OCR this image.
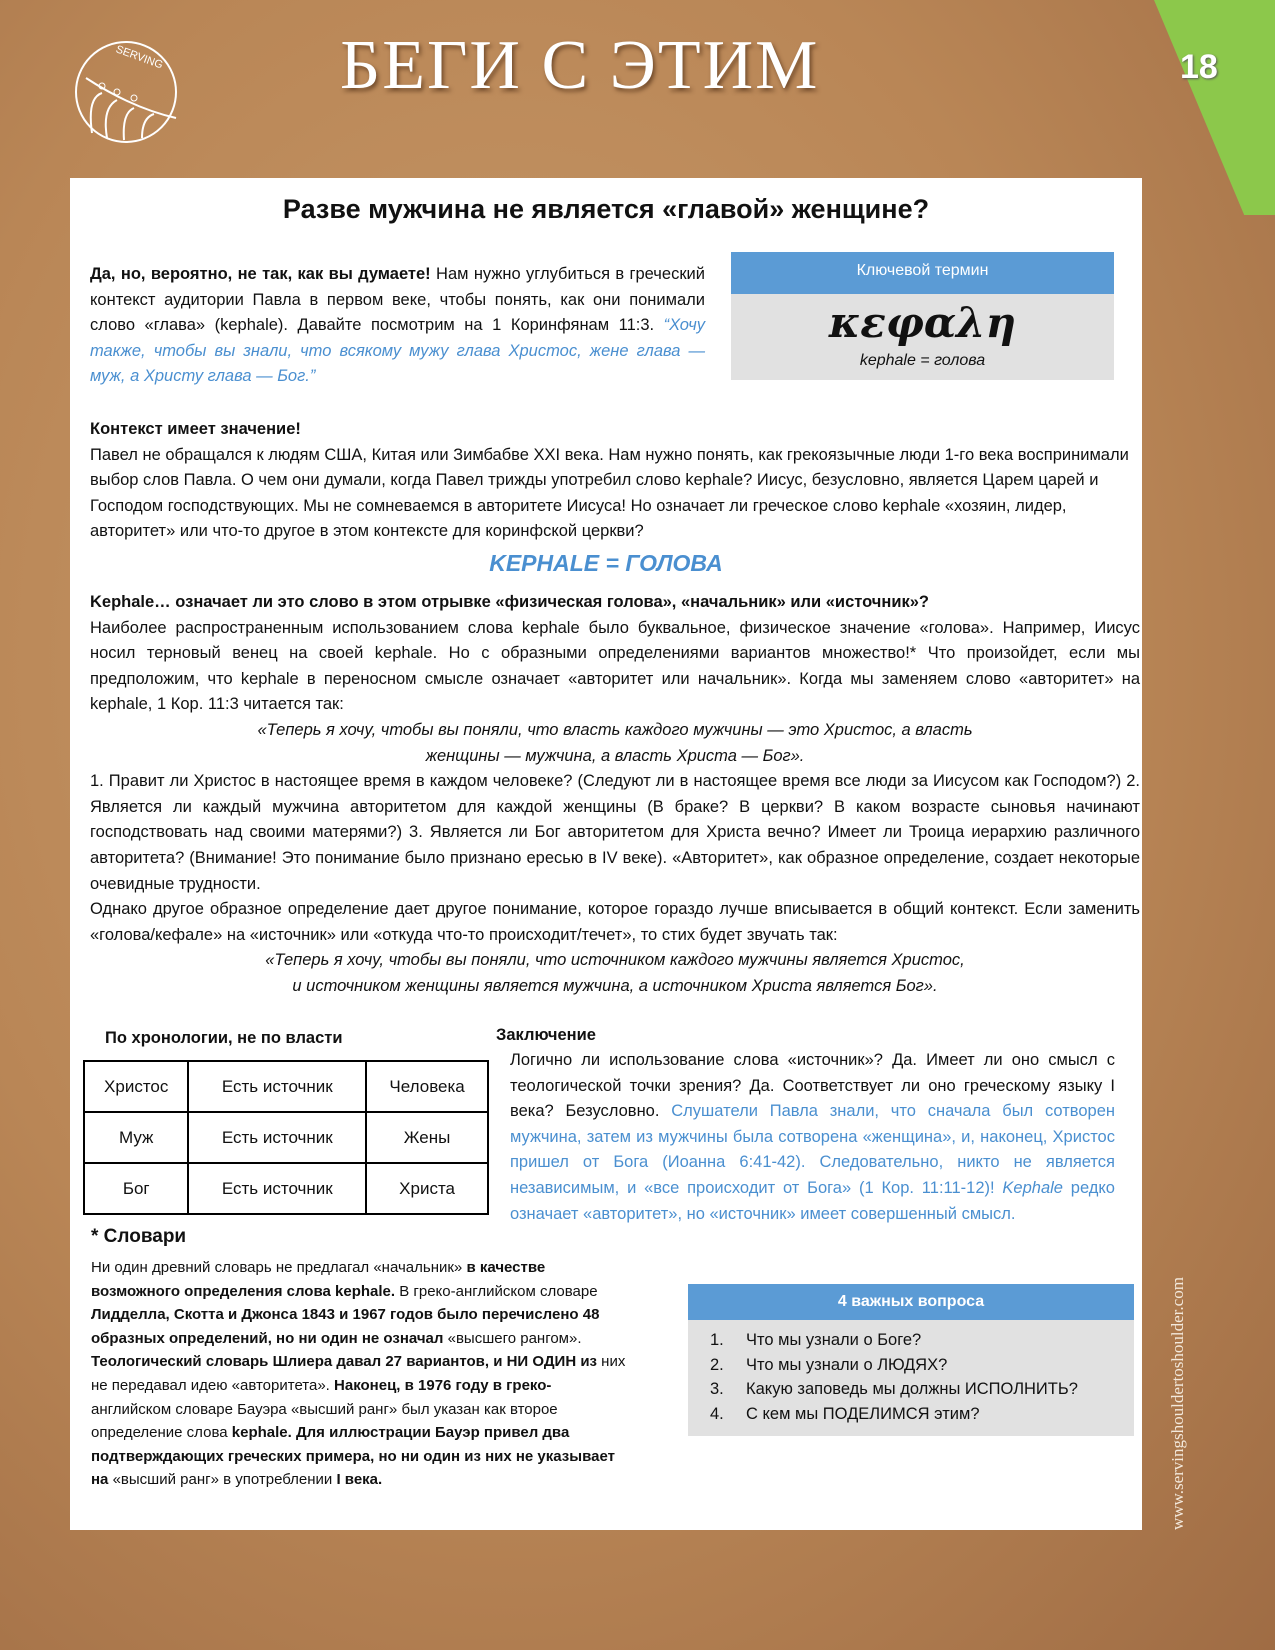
18
SERVING	БЕГИ С ЭТИМ
www.servingshouldertoshoulder.com
Разве мужчина не является «главой» женщине?
Да, но, вероятно, не так, как вы думаете! Нам нужно углубиться в греческий контекст аудитории Павла в первом веке, чтобы понять, как они понимали слово «глава» (kephale). Давайте посмотрим на 1 Коринфянам 11:3. “Хочу также, чтобы вы знали, что всякому мужу глава Христос, жене глава — муж, а Христу глава — Бог.”
Ключевой термин
κεφαλη
kephale = голова
Контекст имеет значение!
Павел не обращался к людям США, Китая или Зимбабве XXI века. Нам нужно понять, как грекоязычные люди 1-го века воспринимали выбор слов Павла. О чем они думали, когда Павел трижды употребил слово kephale? Иисус, безусловно, является Царем царей и Господом господствующих. Мы не сомневаемся в авторитете Иисуса! Но означает ли греческое слово kephale «хозяин, лидер, авторитет» или что-то другое в этом контексте для коринфской церкви?
KEPHALE = ГОЛОВА
Kephale… означает ли это слово в этом отрывке «физическая голова», «начальник» или «источник»?
Наиболее распространенным использованием слова kephale было буквальное, физическое значение «голова». Например, Иисус носил терновый венец на своей kephale. Но с образными определениями вариантов множество!* Что произойдет, если мы предположим, что kephale в переносном смысле означает «авторитет или начальник». Когда мы заменяем слово «авторитет» на kephale, 1 Кор. 11:3 читается так:
«Теперь я хочу, чтобы вы поняли, что власть каждого мужчины — это Христос, а власть
женщины — мужчина, а власть Христа — Бог».
1. Правит ли Христос в настоящее время в каждом человеке? (Следуют ли в настоящее время все люди за Иисусом как Господом?) 2. Является ли каждый мужчина авторитетом для каждой женщины (В браке? В церкви? В каком возрасте сыновья начинают господствовать над своими матерями?) 3. Является ли Бог авторитетом для Христа вечно? Имеет ли Троица иерархию различного авторитета? (Внимание! Это понимание было признано ересью в IV веке). «Авторитет», как образное определение, создает некоторые очевидные трудности.
Однако другое образное определение дает другое понимание, которое гораздо лучше вписывается в общий контекст. Если заменить «голова/кефале» на «источник» или «откуда что-то происходит/течет», то стих будет звучать так:
«Теперь я хочу, чтобы вы поняли, что источником каждого мужчины является Христос,
и источником женщины является мужчина, а источником Христа является Бог».
По хронологии, не по власти
Христос	Есть источник	Человека
Муж	Есть источник	Жены
Бог	Есть источник	Христа
Заключение
Логично ли использование слова «источник»? Да. Имеет ли оно смысл с теологической точки зрения? Да. Соответствует ли оно греческому языку I века? Безусловно. Слушатели Павла знали, что сначала был сотворен мужчина, затем из мужчины была сотворена «женщина», и, наконец, Христос пришел от Бога (Иоанна 6:41-42). Следовательно, никто не является независимым, и «все происходит от Бога» (1 Кор. 11:11-12)! Kephale редко означает «авторитет», но «источник» имеет совершенный смысл.
* Словари
Ни один древний словарь не предлагал «начальник» в качестве возможного определения слова kephale. В греко-английском словаре Лидделла, Скотта и Джонса 1843 и 1967 годов было перечислено 48 образных определений, но ни один не означал «высшего рангом». Теологический словарь Шлиера давал 27 вариантов, и НИ ОДИН из них не передавал идею «авторитета». Наконец, в 1976 году в греко-английском словаре Бауэра «высший ранг» был указан как второе определение слова kephale. Для иллюстрации Бауэр привел два подтверждающих греческих примера, но ни один из них не указывает на «высший ранг» в употреблении I века.
4 важных вопроса
1. Что мы узнали о Боге?
2. Что мы узнали о ЛЮДЯХ?
3. Какую заповедь мы должны ИСПОЛНИТЬ?
4. С кем мы ПОДЕЛИМСЯ этим?
